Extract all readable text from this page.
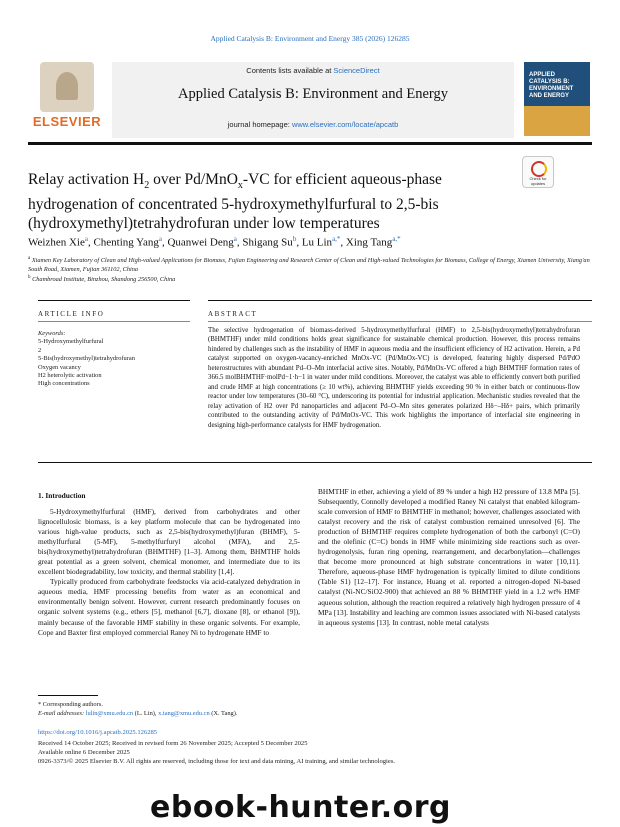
Applied Catalysis B: Environment and Energy 385 (2026) 126285
ELSEVIER
Contents lists available at ScienceDirect
Applied Catalysis B: Environment and Energy
journal homepage: www.elsevier.com/locate/apcatb
APPLIED CATALYSIS B: ENVIRONMENT AND ENERGY
Relay activation $H_2$ over Pd/MnO$_x$-VC for efficient aqueous-phase hydrogenation of concentrated 5-hydroxymethylfurfural to 2,5-bis (hydroxymethyl)tetrahydrofuran under low temperatures
Check for updates
Weizhen Xie$^a$, Chenting Yang$^a$, Quanwei Deng$^a$, Shigang Su$^b$, Lu Lin$^{a,*}$, Xing Tang$^{a,*}$
$^a$ Xiamen Key Laboratory of Clean and High-valued Applications for Biomass, Fujian Engineering and Research Center of Clean and High-valued Technologies for Biomass, College of Energy, Xiamen University, Xiang'an South Road, Xiamen, Fujian 361102, China
$^b$ Chambroad Institute, Binzhou, Shandong 256500, China
ARTICLE INFO	ABSTRACT
Keywords:
5-Hydroxymethylfurfural
2
5-Bis(hydroxymethyl)tetrahydrofuran
Oxygen vacancy
H2 heterolytic activation
High concentrations
The selective hydrogenation of biomass-derived 5-hydroxymethylfurfural (HMF) to 2,5-bis(hydroxymethyl)tetrahydrofuran (BHMTHF) under mild conditions holds great significance for sustainable chemical production. However, this process remains hindered by challenges such as the instability of HMF in aqueous media and the insufficient efficiency of H2 activation. Herein, a Pd catalyst supported on oxygen-vacancy-enriched MnOx-VC (Pd/MnOx-VC) is developed, featuring highly dispersed Pd/PdO heterostructures with abundant Pd–O–Mn interfacial active sites. Notably, Pd/MnOx-VC offered a high BHMTHF formation rates of 366.5 molBHMTHF·molPd−1·h−1 in water under mild conditions. Moreover, the catalyst was able to efficiently convert both purified and crude HMF at high concentrations (≥ 10 wt%), achieving BHMTHF yields exceeding 90 % in either batch or continuous-flow reactor under low temperatures (30–60 °C), underscoring its potential for industrial application. Mechanistic studies revealed that the relay activation of H2 over Pd nanoparticles and adjacent Pd–O–Mn sites generates polarized Hδ−–Hδ+ pairs, which primarily contributed to the outstanding activity of Pd/MnOx-VC. This work highlights the importance of interfacial site engineering in designing high-performance catalysts for HMF hydrogenation.
1. Introduction

5-Hydroxymethylfurfural (HMF), derived from carbohydrates and other lignocellulosic biomass, is a key platform molecule that can be hydrogenated into various high-value products, such as 2,5-bis(hydroxymethyl)furan (BHMF), 5-methylfurfural (5-MF), 5-methylfurfuryl alcohol (MFA), and 2,5-bis(hydroxymethyl)tetrahydrofuran (BHMTHF) [1–3]. Among them, BHMTHF holds great potential as a green solvent, chemical monomer, and intermediate due to its excellent biodegradability, low toxicity, and thermal stability [1,4].

Typically produced from carbohydrate feedstocks via acid-catalyzed dehydration in aqueous media, HMF processing benefits from water as an economical and environmentally benign solvent. However, current research predominantly focuses on organic solvent systems (e.g., ethers [5], methanol [6,7], dioxane [8], or ethanol [9]), mainly because of the favorable HMF stability in these organic solvents. For example, Cope and Baxter first employed commercial Raney Ni to hydrogenate HMF to

BHMTHF in ether, achieving a yield of 89 % under a high H2 pressure of 13.8 MPa [5]. Subsequently, Connolly developed a modified Raney Ni catalyst that enabled kilogram-scale conversion of HMF to BHMTHF in methanol; however, challenges associated with catalyst recovery and the risk of catalyst combustion remained unresolved [6]. The production of BHMTHF requires complete hydrogenation of both the carbonyl (C=O) and the olefinic (C=C) bonds in HMF while minimizing side reactions such as over-hydrogenolysis, furan ring opening, rearrangement, and decarbonylation—challenges that become more pronounced at high substrate concentrations in water [10,11]. Therefore, aqueous-phase HMF hydrogenation is typically limited to dilute conditions (Table S1) [12–17]. For instance, Huang et al. reported a nitrogen-doped Ni-based catalyst (Ni-NC/SiO2-900) that achieved an 88 % BHMTHF yield in a 1.2 wt% HMF aqueous solution, although the reaction required a relatively high hydrogen pressure of 4 MPa [13]. Instability and leaching are common issues associated with Ni-based catalysts in aqueous systems [13]. In contrast, noble metal catalysts

* Corresponding authors.
E-mail addresses: lulin@xmu.edu.cn (L. Lin), x.tang@xmu.edu.cn (X. Tang).
https://doi.org/10.1016/j.apcatb.2025.126285
Received 14 October 2025; Received in revised form 26 November 2025; Accepted 5 December 2025
Available online 6 December 2025
0926-3373/© 2025 Elsevier B.V. All rights are reserved, including those for text and data mining, AI training, and similar technologies.
ebook-hunter.org
